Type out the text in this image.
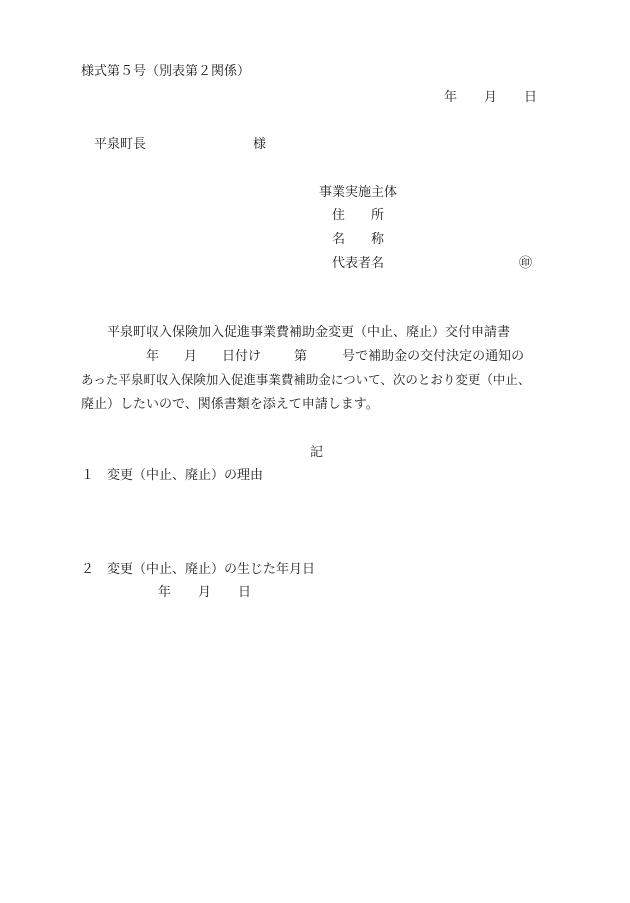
様式第５号（別表第２関係）
年 月 日
平泉町長	様
事業実施主体
住 所
名 称
代表者名	㊞
平泉町収入保険加入促進事業費補助金変更（中止、廃止）交付申請書
年 月 日付け	第	号で補助金の交付決定の通知の
あった平泉町収入保険加入促進事業費補助金について、次のとおり変更（中止、
廃止）したいので、関係書類を添えて申請します。
記
１ 変更（中止、廃止）の理由
２ 変更（中止、廃止）の生じた年月日
年 月 日
